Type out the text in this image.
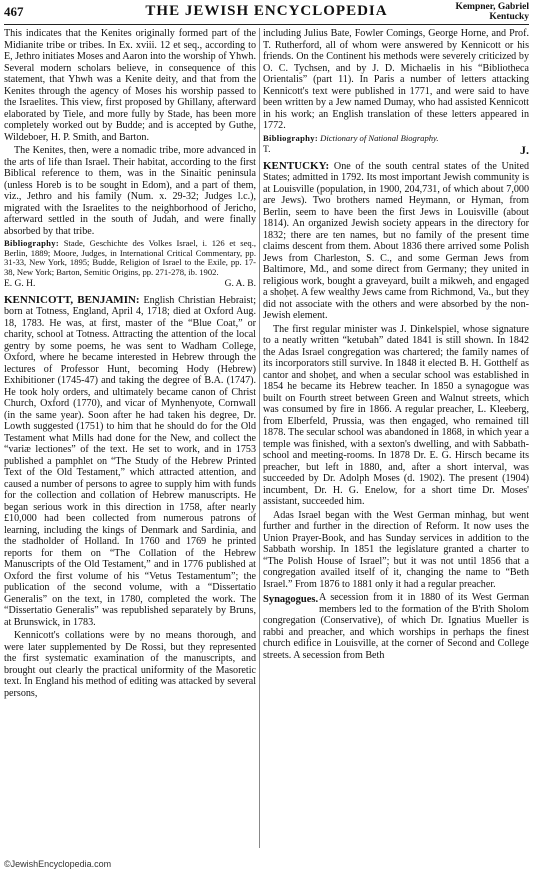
467	THE JEWISH ENCYCLOPEDIA	Kempner, Gabriel
Kentucky

This indicates that the Kenites originally formed part of the Midianite tribe or tribes. In Ex. xviii. 12 et seq., according to E, Jethro initiates Moses and Aaron into the worship of Yhwh. Several modern scholars believe, in consequence of this statement, that Yhwh was a Kenite deity, and that from the Kenites through the agency of Moses his worship passed to the Israelites. This view, first proposed by Ghillany, afterward elaborated by Tiele, and more fully by Stade, has been more completely worked out by Budde; and is accepted by Guthe, Wildeboer, H. P. Smith, and Barton.

The Kenites, then, were a nomadic tribe, more advanced in the arts of life than Israel. Their habitat, according to the first Biblical reference to them, was in the Sinaitic peninsula (unless Horeb is to be sought in Edom), and a part of them, viz., Jethro and his family (Num. x. 29-32; Judges l.c.), migrated with the Israelites to the neighborhood of Jericho, afterward settled in the south of Judah, and were finally absorbed by that tribe.

Bibliography: Stade, Geschichte des Volkes Israel, i. 126 et seq., Berlin, 1889; Moore, Judges, in International Critical Commentary, pp. 31-33, New York, 1895; Budde, Religion of Israel to the Exile, pp. 17-38, New York; Barton, Semitic Origins, pp. 271-278, ib. 1902.

E. G. H.	G. A. B.

KENNICOTT, BENJAMIN: English Christian Hebraist; born at Totness, England, April 4, 1718; died at Oxford Aug. 18, 1783. He was, at first, master of the “Blue Coat,” or charity, school at Totness. Attracting the attention of the local gentry by some poems, he was sent to Wadham College, Oxford, where he became interested in Hebrew through the lectures of Professor Hunt, becoming Hody (Hebrew) Exhibitioner (1745-47) and taking the degree of B.A. (1747). He took holy orders, and ultimately became canon of Christ Church, Oxford (1770), and vicar of Mynhenyote, Cornwall (in the same year). Soon after he had taken his degree, Dr. Lowth suggested (1751) to him that he should do for the Old Testament what Mills had done for the New, and collect the “variæ lectiones” of the text. He set to work, and in 1753 published a pamphlet on “The Study of the Hebrew Printed Text of the Old Testament,” which attracted attention, and caused a number of persons to agree to supply him with funds for the collection and collation of Hebrew manuscripts. He began serious work in this direction in 1758, after nearly £10,000 had been collected from numerous patrons of learning, including the kings of Denmark and Sardinia, and the stadholder of Holland. In 1760 and 1769 he printed reports for them on “The Collation of the Hebrew Manuscripts of the Old Testament,” and in 1776 published at Oxford the first volume of his “Vetus Testamentum”; the publication of the second volume, with a “Dissertatio Generalis” on the text, in 1780, completed the work. The “Dissertatio Generalis” was republished separately by Bruns, at Brunswick, in 1783.

Kennicott's collations were by no means thorough, and were later supplemented by De Rossi, but they represented the first systematic examination of the manuscripts, and brought out clearly the practical uniformity of the Masoretic text. In England his method of editing was attacked by several persons,

including Julius Bate, Fowler Comings, George Horne, and Prof. T. Rutherford, all of whom were answered by Kennicott or his friends. On the Continent his methods were severely criticized by O. C. Tychsen, and by J. D. Michaelis in his “Bibliotheca Orientalis” (part 11). In Paris a number of letters attacking Kennicott's text were published in 1771, and were said to have been written by a Jew named Dumay, who had assisted Kennicott in his work; an English translation of these letters appeared in 1772.

Bibliography: Dictionary of National Biography.

T.	J.

KENTUCKY: One of the south central states of the United States; admitted in 1792. Its most important Jewish community is at Louisville (population, in 1900, 204,731, of which about 7,000 are Jews). Two brothers named Heymann, or Hyman, from Berlin, seem to have been the first Jews in Louisville (about 1814). An organized Jewish society appears in the directory for 1832; there are ten names, but no family of the present time claims descent from them. About 1836 there arrived some Polish Jews from Charleston, S. C., and some German Jews from Baltimore, Md., and some direct from Germany; they united in religious work, bought a graveyard, built a mikweh, and engaged a shoḥeṭ. A few wealthy Jews came from Richmond, Va., but they did not associate with the others and were absorbed by the non-Jewish element.

The first regular minister was J. Dinkelspiel, whose signature to a neatly written “ketubah” dated 1841 is still shown. In 1842 the Adas Israel congregation was chartered; the family names of its incorporators still survive. In 1848 it elected B. H. Gotthelf as cantor and shoḥeṭ, and when a secular school was established in 1854 he became its Hebrew teacher. In 1850 a synagogue was built on Fourth street between Green and Walnut streets, which was consumed by fire in 1866. A regular preacher, L. Kleeberg, from Elberfeld, Prussia, was then engaged, who remained till 1878. The secular school was abandoned in 1868, in which year a temple was finished, with a sexton's dwelling, and with Sabbath-school and meeting-rooms. In 1878 Dr. E. G. Hirsch became its preacher, but left in 1880, and, after a short interval, was succeeded by Dr. Adolph Moses (d. 1902). The present (1904) incumbent, Dr. H. G. Enelow, for a short time Dr. Moses' assistant, succeeded him.

Adas Israel began with the West German minhag, but went further and further in the direction of Reform. It now uses the Union Prayer-Book, and has Sunday services in addition to the Sabbath worship. In 1851 the legislature granted a charter to “The Polish House of Israel”; but it was not until 1856 that a congregation availed itself of it, changing the name to “Beth Israel.” From 1876 to 1881 only it had a regular preacher.

Synagogues. A secession from it in 1880 of its West German members led to the formation of the B'rith Sholom congregation (Conservative), of which Dr. Ignatius Mueller is rabbi and preacher, and which worships in perhaps the finest church edifice in Louisville, at the corner of Second and College streets. A secession from Beth

©JewishEncyclopedia.com
